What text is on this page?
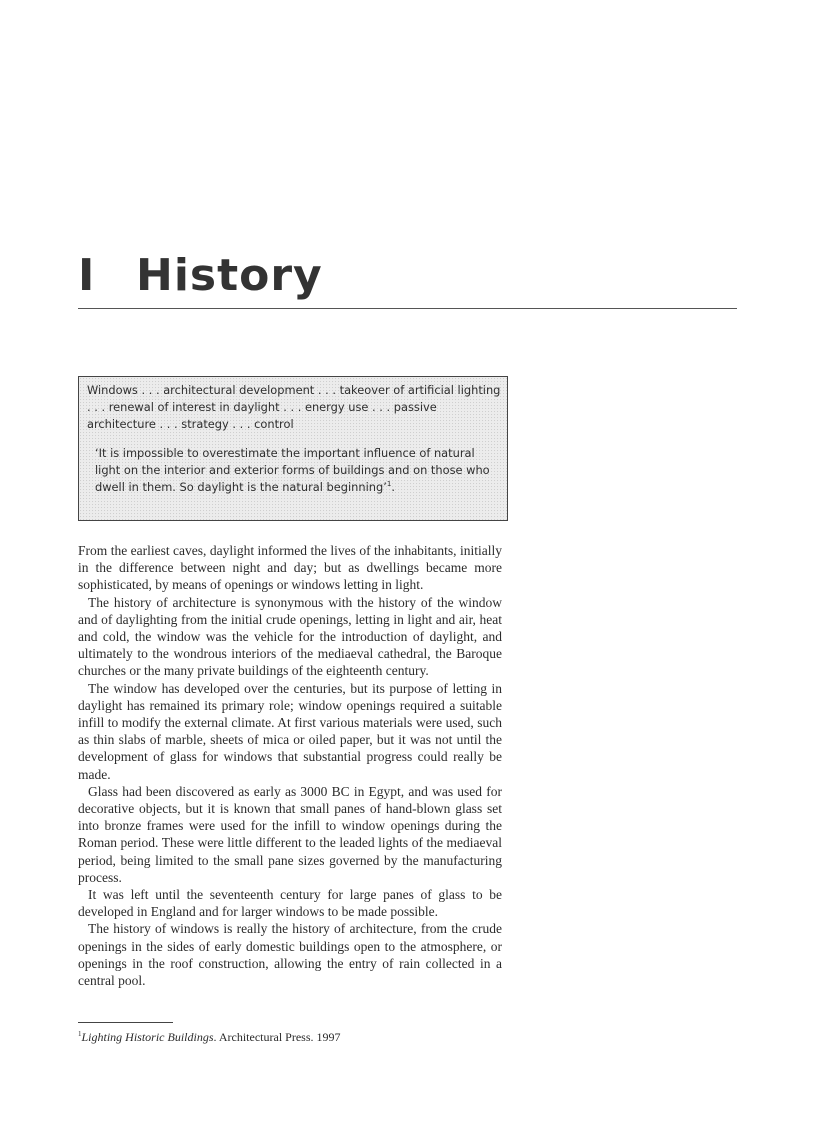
I History

Windows . . . architectural development . . . takeover of artificial lighting . . . renewal of interest in daylight . . . energy use . . . passive architecture . . . strategy . . . control

‘It is impossible to overestimate the important influence of natural light on the interior and exterior forms of buildings and on those who dwell in them. So daylight is the natural beginning’$^1$.

From the earliest caves, daylight informed the lives of the inhabitants, initially in the difference between night and day; but as dwellings became more sophisticated, by means of openings or windows letting in light.

The history of architecture is synonymous with the history of the window and of daylighting from the initial crude openings, letting in light and air, heat and cold, the window was the vehicle for the introduction of daylight, and ultimately to the wondrous interiors of the mediaeval cathedral, the Baroque churches or the many private buildings of the eighteenth century.

The window has developed over the centuries, but its purpose of letting in daylight has remained its primary role; window openings required a suitable infill to modify the external climate. At first various materials were used, such as thin slabs of marble, sheets of mica or oiled paper, but it was not until the development of glass for windows that substantial progress could really be made.

Glass had been discovered as early as 3000 BC in Egypt, and was used for decorative objects, but it is known that small panes of hand-blown glass set into bronze frames were used for the infill to window openings during the Roman period. These were little different to the leaded lights of the mediaeval period, being limited to the small pane sizes governed by the manufacturing process.

It was left until the seventeenth century for large panes of glass to be developed in England and for larger windows to be made possible.

The history of windows is really the history of architecture, from the crude openings in the sides of early domestic buildings open to the atmosphere, or openings in the roof construction, allowing the entry of rain collected in a central pool.

$^1$Lighting Historic Buildings. Architectural Press. 1997
